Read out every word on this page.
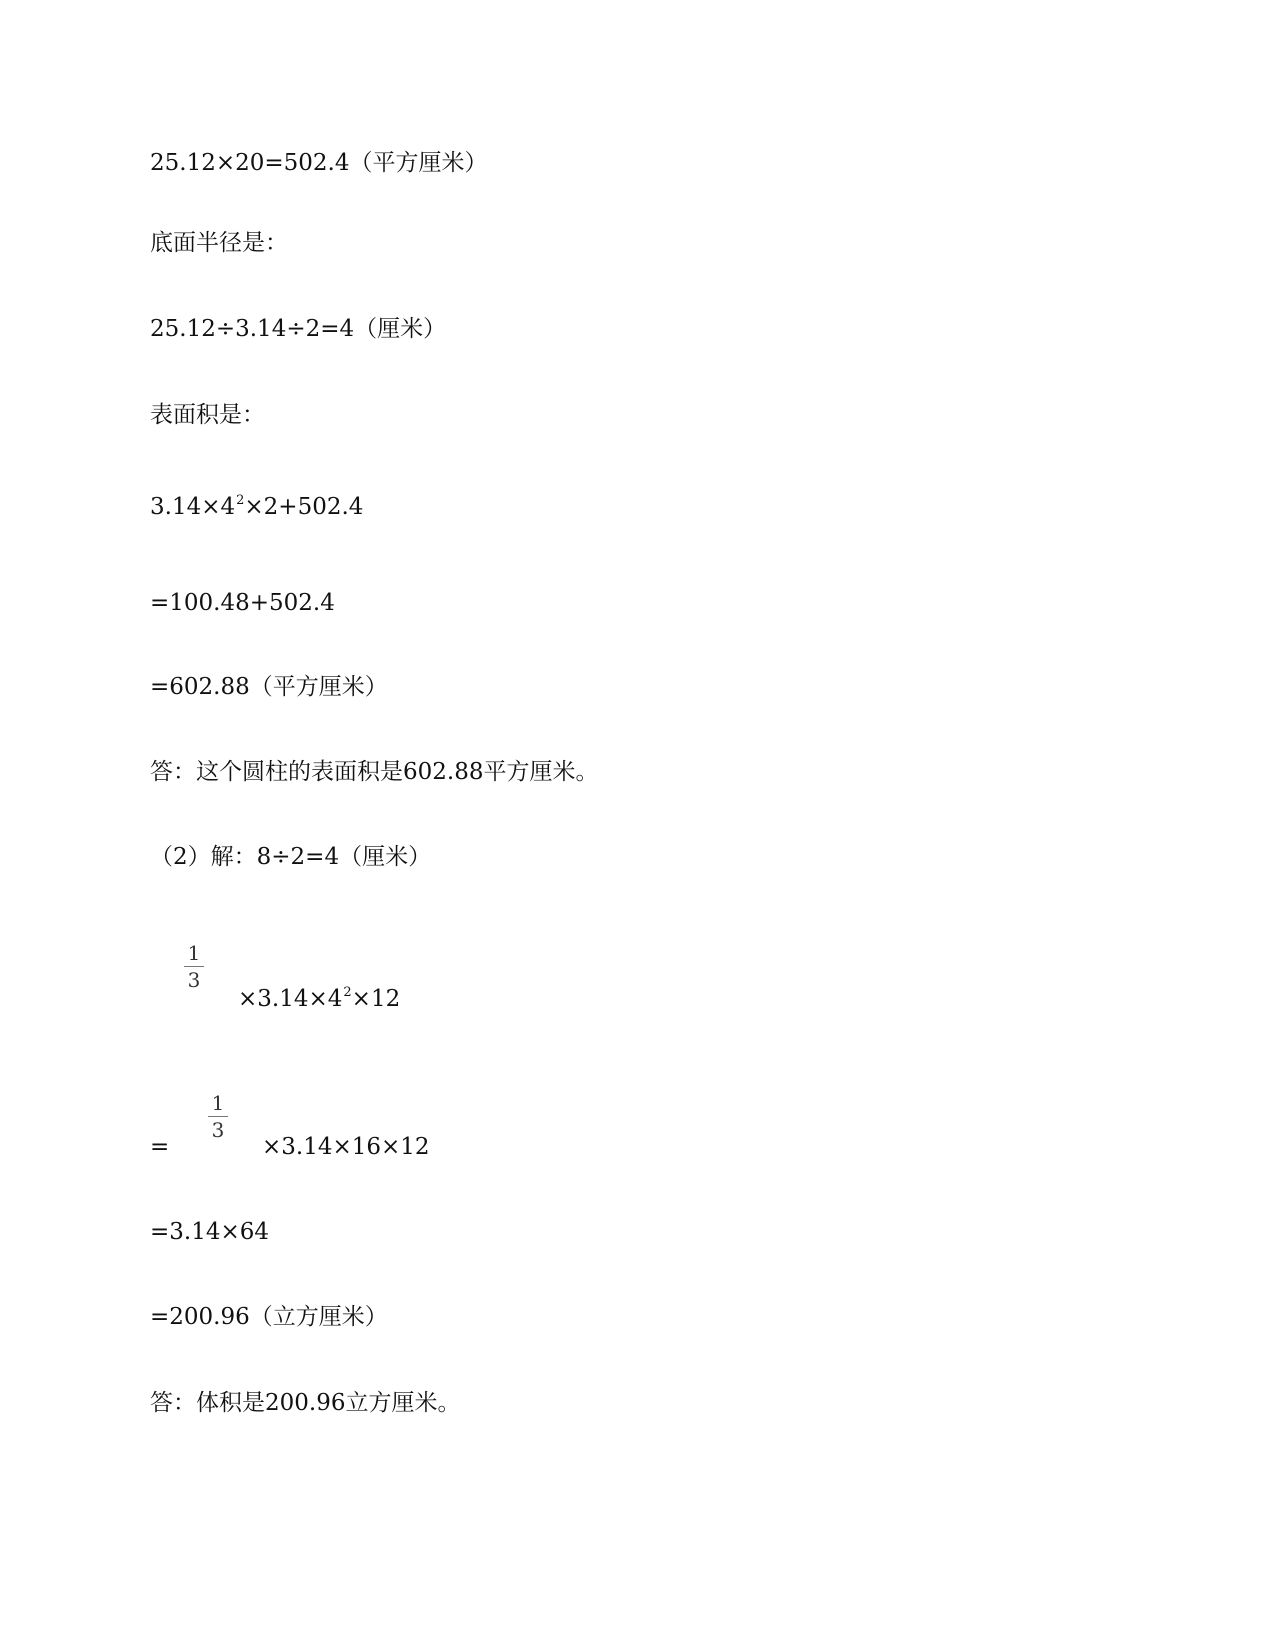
25.12×20=502.4（平方厘米）
底面半径是：
25.12÷3.14÷2=4（厘米）
表面积是：
$3.14\times 4^2\times 2+502.4$
=100.48+502.4
=602.88（平方厘米）
答：这个圆柱的表面积是602.88平方厘米。
（2）解：8÷2=4（厘米）
1
3
$\times 3.14\times 4^2\times 12$
=
1
3
×3.14×16×12
=3.14×64
=200.96（立方厘米）
答：体积是200.96立方厘米。
